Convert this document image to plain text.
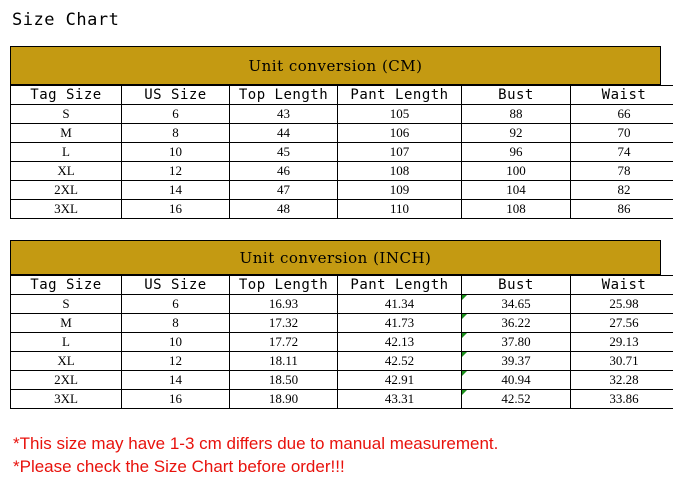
Size Chart
Unit conversion (CM)
Tag Size	US Size	Top Length	Pant Length	Bust	Waist
S	6	43	105	88	66
M	8	44	106	92	70
L	10	45	107	96	74
XL	12	46	108	100	78
2XL	14	47	109	104	82
3XL	16	48	110	108	86
Unit conversion (INCH)
Tag Size	US Size	Top Length	Pant Length	Bust	Waist
S	6	16.93	41.34	34.65	25.98
M	8	17.32	41.73	36.22	27.56
L	10	17.72	42.13	37.80	29.13
XL	12	18.11	42.52	39.37	30.71
2XL	14	18.50	42.91	40.94	32.28
3XL	16	18.90	43.31	42.52	33.86
*This size may have 1-3 cm differs due to manual measurement.
*Please check the Size Chart before order!!!
